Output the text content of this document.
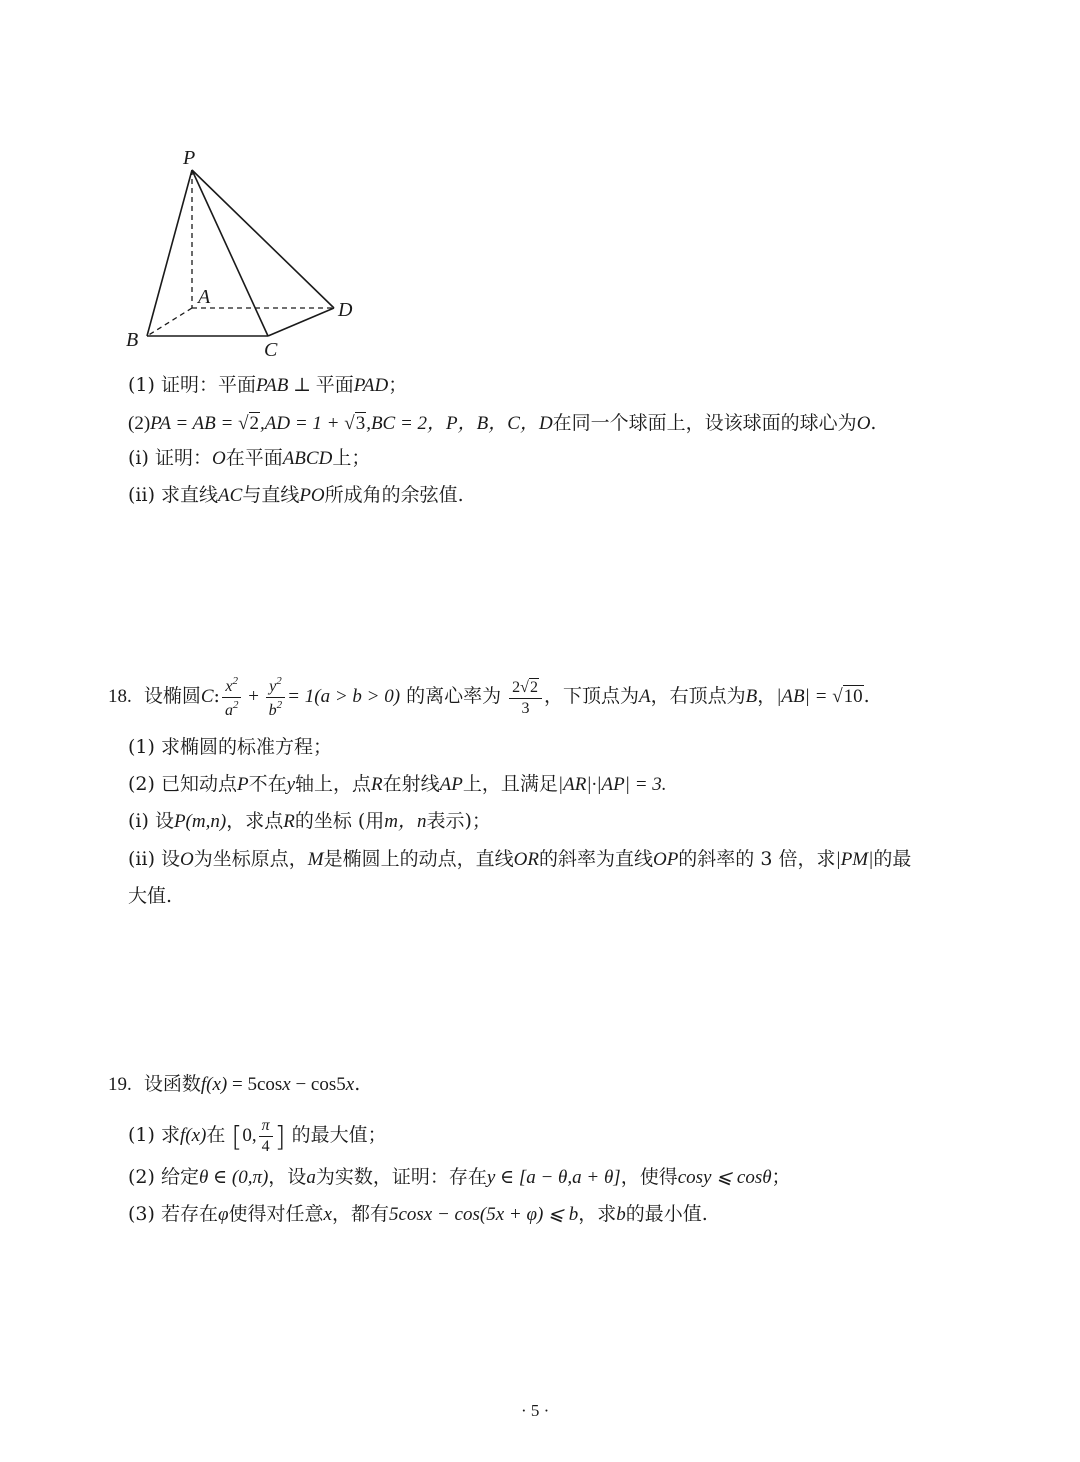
P
A
B	C
D
(1) 证明：平面PAB ⊥ 平面PAD；
(2)PA = AB = √2,AD = 1 + √3,BC = 2，P，B，C，D在同一个球面上，设该球面的球心为O.
(i) 证明：O在平面ABCD上；
(ⅱ) 求直线AC与直线PO所成角的余弦值.
18. 设椭圆C: $\frac{x^2}{a^2} + \frac{y^2}{b^2} = 1(a > b > 0)$ 的离心率为 $\frac{2√2}{3}$ ，下顶点为A，右顶点为B，|AB| = √10.
(1) 求椭圆的标准方程；
(2) 已知动点P不在y轴上，点R在射线AP上，且满足|AR|·|AP| = 3.
(i) 设P(m,n)，求点R的坐标 (用m，n表示)；
(ⅱ) 设O为坐标原点，M是椭圆上的动点，直线OR的斜率为直线OP的斜率的 3 倍，求|PM|的最
大值.
19. 设函数f(x) = 5cosx − cos5x.
(1) 求f(x)在 [0, $\frac{\pi}{4}$ ] 的最大值；
(2) 给定θ ∈ (0,π)，设a为实数，证明：存在y ∈ [a − θ,a + θ]，使得cosy ⩽ cosθ；
(3) 若存在φ使得对任意x，都有5cosx − cos(5x + φ) ⩽ b，求b的最小值.
· 5 ·
